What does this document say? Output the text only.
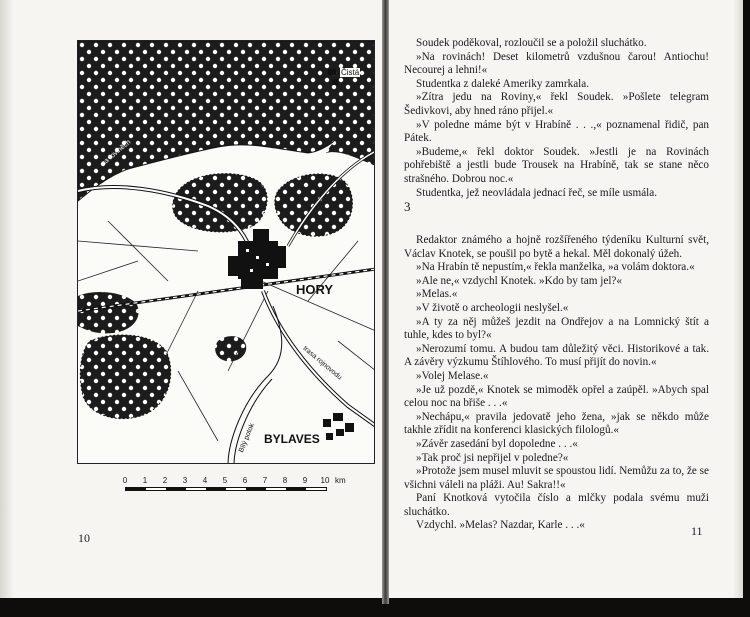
HORY
BYLAVES
Čistá
na roviněch
trasa rojnovodu
Bílý potok
0	1	2	3	4	5	6	7	8	9	10 km
10

Soudek poděkoval, rozloučil se a položil sluchátko.

»Na rovinách! Deset kilometrů vzdušnou čarou! Antiochu! Necourej a lehni!«

Studentka z daleké Ameriky zamrkala.

»Zítra jedu na Roviny,« řekl Soudek. »Pošlete telegram Šedivkovi, aby hned ráno přijel.«

»V poledne máme být v Hrabíně . . .,« poznamenal řidič, pan Pátek.

»Budeme,« řekl doktor Soudek. »Jestli je na Rovinách pohřebiště a jestli bude Trousek na Hrabíně, tak se stane něco strašného. Dobrou noc.«

Studentka, jež neovládala jednací řeč, se míle usmála.

3

Redaktor známého a hojně rozšířeného týdeníku Kulturní svět, Václav Knotek, se poušil po bytě a hekal. Měl dokonalý úžeh.

»Na Hrabín tě nepustím,« řekla manželka, »a volám doktora.«

»Ale ne,« vzdychl Knotek. »Kdo by tam jel?«

»Melas.«

»V životě o archeologii neslyšel.«

»A ty za něj můžeš jezdit na Ondřejov a na Lomnický štít a tuhle, kdes to byl?«

»Nerozumí tomu. A budou tam důležitý věci. Historikové a tak. A závěry výzkumu Štíhlového. To musí přijít do novin.«

»Volej Melase.«

»Je už pozdě,« Knotek se mimoděk opřel a zaúpěl. »Abych spal celou noc na břiše . . .«

»Nechápu,« pravila jedovatě jeho žena, »jak se někdo může takhle zřídit na konferenci klasických filologů.«

»Závěr zasedání byl dopoledne . . .«

»Tak proč jsi nepřijel v poledne?«

»Protože jsem musel mluvit se spoustou lidí. Nemůžu za to, že se všichni váleli na pláži. Au! Sakra!!«

Paní Knotková vytočila číslo a mlčky podala svému muži sluchátko.

Vzdychl. »Melas? Nazdar, Karle . . .«	11
